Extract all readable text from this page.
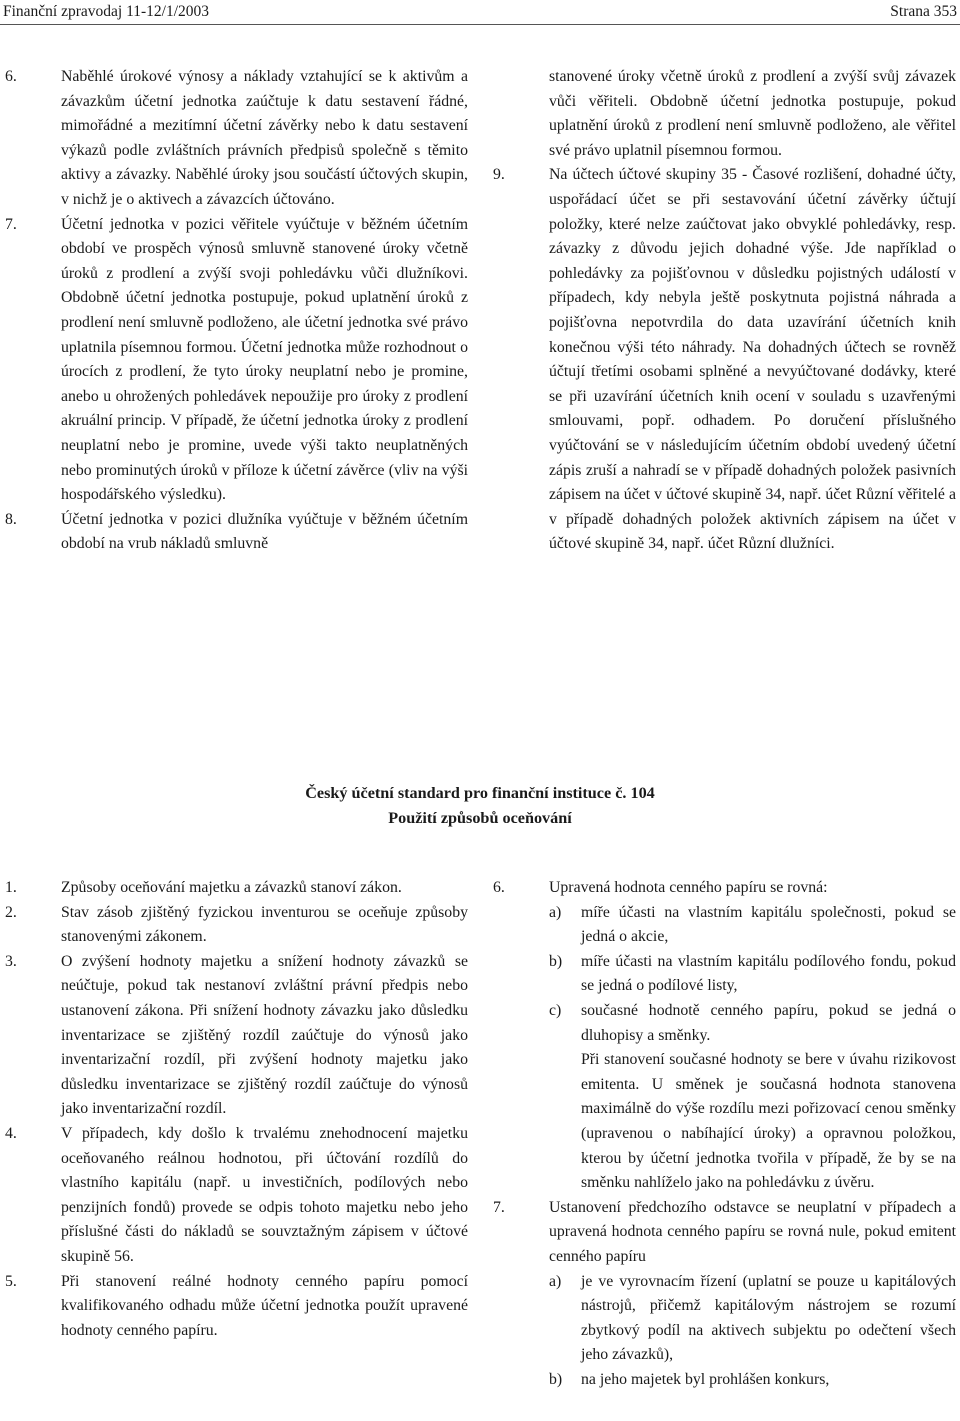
Finanční zpravodaj 11-12/1/2003	Strana 353
6.	Naběhlé úrokové výnosy a náklady vztahující se k aktivům a závazkům účetní jednotka zaúčtuje k datu sestavení řádné, mimořádné a mezitímní účetní závěrky nebo k datu sestavení výkazů podle zvláštních právních předpisů společně s těmito aktivy a závazky. Naběhlé úroky jsou součástí účtových skupin, v nichž je o aktivech a závazcích účtováno.
7.	Účetní jednotka v pozici věřitele vyúčtuje v běžném účetním období ve prospěch výnosů smluvně stanovené úroky včetně úroků z prodlení a zvýší svoji pohledávku vůči dlužníkovi. Obdobně účetní jednotka postupuje, pokud uplatnění úroků z prodlení není smluvně podloženo, ale účetní jednotka své právo uplatnila písemnou formou. Účetní jednotka může rozhodnout o úrocích z prodlení, že tyto úroky neuplatní nebo je promine, anebo u ohrožených pohledávek nepoužije pro úroky z prodlení akruální princip. V případě, že účetní jednotka úroky z prodlení neuplatní nebo je promine, uvede výši takto neuplatněných nebo prominutých úroků v příloze k účetní závěrce (vliv na výši hospodářského výsledku).
8.	Účetní jednotka v pozici dlužníka vyúčtuje v běžném účetním období na vrub nákladů smluvně
stanovené úroky včetně úroků z prodlení a zvýší svůj závazek vůči věřiteli. Obdobně účetní jednotka postupuje, pokud uplatnění úroků z prodlení není smluvně podloženo, ale věřitel své právo uplatnil písemnou formou.
9.	Na účtech účtové skupiny 35 - Časové rozlišení, dohadné účty, uspořádací účet se při sestavování účetní závěrky účtují položky, které nelze zaúčtovat jako obvyklé pohledávky, resp. závazky z důvodu jejich dohadné výše. Jde například o pohledávky za pojišťovnou v důsledku pojistných událostí v případech, kdy nebyla ještě poskytnuta pojistná náhrada a pojišťovna nepotvrdila do data uzavírání účetních knih konečnou výši této náhrady. Na dohadných účtech se rovněž účtují třetími osobami splněné a nevyúčtované dodávky, které se při uzavírání účetních knih ocení v souladu s uzavřenými smlouvami, popř. odhadem. Po doručení příslušného vyúčtování se v následujícím účetním období uvedený účetní zápis zruší a nahradí se v případě dohadných položek pasivních zápisem na účet v účtové skupině 34, např. účet Různí věřitelé a v případě dohadných položek aktivních zápisem na účet v účtové skupině 34, např. účet Různí dlužníci.
Český účetní standard pro finanční instituce č. 104
Použití způsobů oceňování
1.	Způsoby oceňování majetku a závazků stanoví zákon.
2.	Stav zásob zjištěný fyzickou inventurou se oceňuje způsoby stanovenými zákonem.
3.	O zvýšení hodnoty majetku a snížení hodnoty závazků se neúčtuje, pokud tak nestanoví zvláštní právní předpis nebo ustanovení zákona. Při snížení hodnoty závazku jako důsledku inventarizace se zjištěný rozdíl zaúčtuje do výnosů jako inventarizační rozdíl, při zvýšení hodnoty majetku jako důsledku inventarizace se zjištěný rozdíl zaúčtuje do výnosů jako inventarizační rozdíl.
4.	V případech, kdy došlo k trvalému znehodnocení majetku oceňovaného reálnou hodnotou, při účtování rozdílů do vlastního kapitálu (např. u investičních, podílových nebo penzijních fondů) provede se odpis tohoto majetku nebo jeho příslušné části do nákladů se souvztažným zápisem v účtové skupině 56.
5.	Při stanovení reálné hodnoty cenného papíru pomocí kvalifikovaného odhadu může účetní jednotka použít upravené hodnoty cenného papíru.
6.	Upravená hodnota cenného papíru se rovná:
a) míře účasti na vlastním kapitálu společnosti, pokud se jedná o akcie,
b) míře účasti na vlastním kapitálu podílového fondu, pokud se jedná o podílové listy,
c) současné hodnotě cenného papíru, pokud se jedná o dluhopisy a směnky.
Při stanovení současné hodnoty se bere v úvahu rizikovost emitenta. U směnek je současná hodnota stanovena maximálně do výše rozdílu mezi pořizovací cenou směnky (upravenou o nabíhající úroky) a opravnou položkou, kterou by účetní jednotka tvořila v případě, že by se na směnku nahlíželo jako na pohledávku z úvěru.
7.	Ustanovení předchozího odstavce se neuplatní v případech a upravená hodnota cenného papíru se rovná nule, pokud emitent cenného papíru
a) je ve vyrovnacím řízení (uplatní se pouze u kapitálových nástrojů, přičemž kapitálovým nástrojem se rozumí zbytkový podíl na aktivech subjektu po odečtení všech jeho závazků),
b) na jeho majetek byl prohlášen konkurs,
